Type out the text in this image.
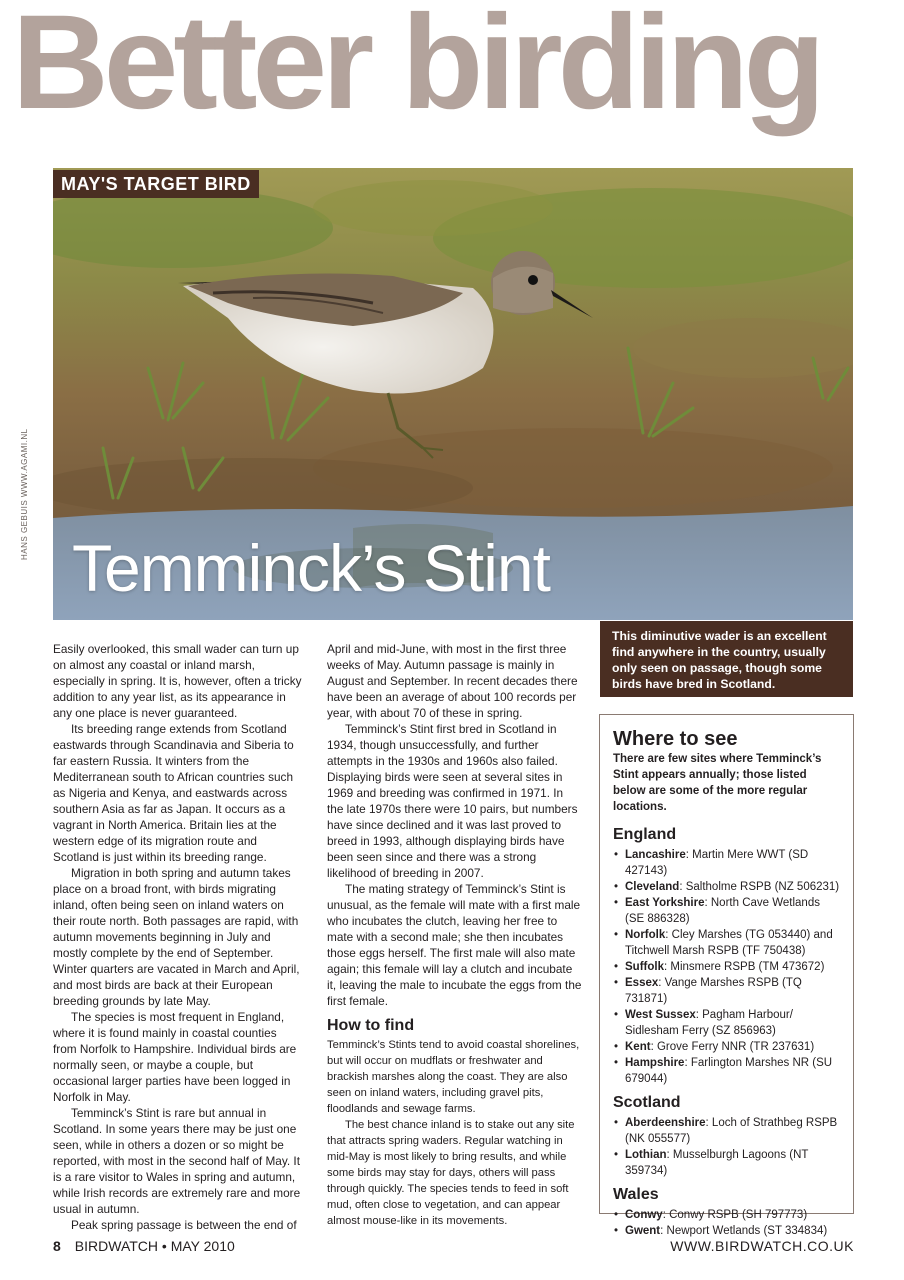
Better birding
MAY'S TARGET BIRD
HANS GEBUIS WWW.AGAMI.NL
Temminck’s Stint
This diminutive wader is an excellent find anywhere in the country, usually only seen on passage, though some birds have bred in Scotland.

Easily overlooked, this small wader can turn up on almost any coastal or inland marsh, especially in spring. It is, however, often a tricky addition to any year list, as its appearance in any one place is never guaranteed.

Its breeding range extends from Scotland eastwards through Scandinavia and Siberia to far eastern Russia. It winters from the Mediterranean south to African countries such as Nigeria and Kenya, and eastwards across southern Asia as far as Japan. It occurs as a vagrant in North America. Britain lies at the western edge of its migration route and Scotland is just within its breeding range.

Migration in both spring and autumn takes place on a broad front, with birds migrating inland, often being seen on inland waters on their route north. Both passages are rapid, with autumn movements beginning in July and mostly complete by the end of September. Winter quarters are vacated in March and April, and most birds are back at their European breeding grounds by late May.

The species is most frequent in England, where it is found mainly in coastal counties from Norfolk to Hampshire. Individual birds are normally seen, or maybe a couple, but occasional larger parties have been logged in Norfolk in May.

Temminck’s Stint is rare but annual in Scotland. In some years there may be just one seen, while in others a dozen or so might be reported, with most in the second half of May. It is a rare visitor to Wales in spring and autumn, while Irish records are extremely rare and more usual in autumn.

Peak spring passage is between the end of

April and mid-June, with most in the first three weeks of May. Autumn passage is mainly in August and September. In recent decades there have been an average of about 100 records per year, with about 70 of these in spring.

Temminck’s Stint first bred in Scotland in 1934, though unsuccessfully, and further attempts in the 1930s and 1960s also failed. Displaying birds were seen at several sites in 1969 and breeding was confirmed in 1971. In the late 1970s there were 10 pairs, but numbers have since declined and it was last proved to breed in 1993, although displaying birds have been seen since and there was a strong likelihood of breeding in 2007.

The mating strategy of Temminck’s Stint is unusual, as the female will mate with a first male who incubates the clutch, leaving her free to mate with a second male; she then incubates those eggs herself. The first male will also mate again; this female will lay a clutch and incubate it, leaving the male to incubate the eggs from the first female.

How to find

Temminck’s Stints tend to avoid coastal shorelines, but will occur on mudflats or freshwater and brackish marshes along the coast. They are also seen on inland waters, including gravel pits, floodlands and sewage farms.

The best chance inland is to stake out any site that attracts spring waders. Regular watching in mid-May is most likely to bring results, and while some birds may stay for days, others will pass through quickly. The species tends to feed in soft mud, often close to vegetation, and can appear almost mouse-like in its movements.

Where to see

There are few sites where Temminck’s Stint appears annually; those listed below are some of the more regular locations.

England
• Lancashire: Martin Mere WWT (SD 427143)
• Cleveland: Saltholme RSPB (NZ 506231)
• East Yorkshire: North Cave Wetlands (SE 886328)
• Norfolk: Cley Marshes (TG 053440) and Titchwell Marsh RSPB (TF 750438)
• Suffolk: Minsmere RSPB (TM 473672)
• Essex: Vange Marshes RSPB (TQ 731871)
• West Sussex: Pagham Harbour/ Sidlesham Ferry (SZ 856963)
• Kent: Grove Ferry NNR (TR 237631)
• Hampshire: Farlington Marshes NR (SU 679044)
Scotland
• Aberdeenshire: Loch of Strathbeg RSPB (NK 055577)
• Lothian: Musselburgh Lagoons (NT 359734)
Wales
• Conwy: Conwy RSPB (SH 797773)
• Gwent: Newport Wetlands (ST 334834)
8 BIRDWATCH • MAY 2010	WWW.BIRDWATCH.CO.UK
